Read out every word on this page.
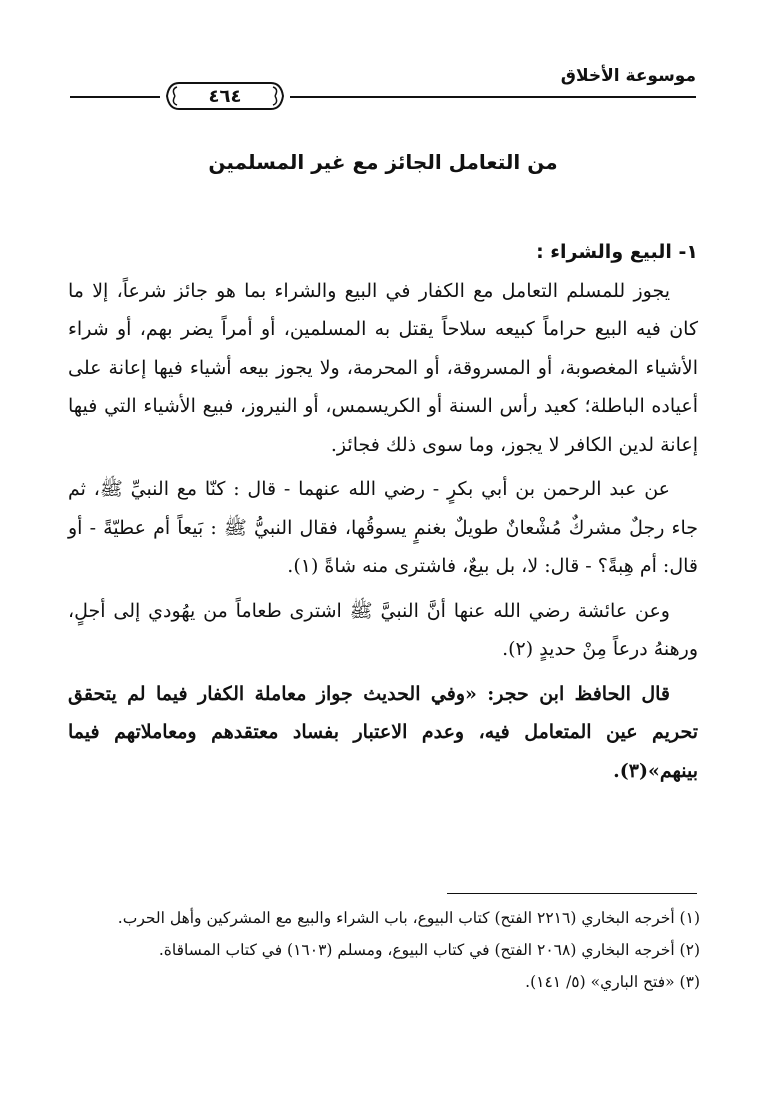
موسوعة الأخلاق
٤٦٤
من التعامل الجائز مع غير المسلمين

١- البيع والشراء :

يجوز للمسلم التعامل مع الكفار في البيع والشراء بما هو جائز شرعاً، إلا ما كان فيه البيع حراماً كبيعه سلاحاً يقتل به المسلمين، أو أمراً يضر بهم، أو شراء الأشياء المغصوبة، أو المسروقة، أو المحرمة، ولا يجوز بيعه أشياء فيها إعانة على أعياده الباطلة؛ كعيد رأس السنة أو الكريسمس، أو النيروز، فبيع الأشياء التي فيها إعانة لدين الكافر لا يجوز، وما سوى ذلك فجائز.

عن عبد الرحمن بن أبي بكرٍ - رضي الله عنهما - قال : كنّا مع النبيِّ ﷺ، ثم جاء رجلٌ مشركٌ مُشْعانٌ طويلٌ بغنمٍ يسوقُها، فقال النبيُّ ﷺ : بَيعاً أم عطيّةً - أو قال: أم هِبةً؟ - قال: لا، بل بيعٌ، فاشترى منه شاةً (١).

وعن عائشة رضي الله عنها أنَّ النبيَّ ﷺ اشترى طعاماً من يهُودي إلى أجلٍ، ورهنهُ درعاً مِنْ حديدٍ (٢).

قال الحافظ ابن حجر: «وفي الحديث جواز معاملة الكفار فيما لم يتحقق تحريم عين المتعامل فيه، وعدم الاعتبار بفساد معتقدهم ومعاملاتهم فيما بينهم»(٣).

(١) أخرجه البخاري (٢٢١٦ الفتح) كتاب البيوع، باب الشراء والبيع مع المشركين وأهل الحرب.

(٢) أخرجه البخاري (٢٠٦٨ الفتح) في كتاب البيوع، ومسلم (١٦٠٣) في كتاب المساقاة.

(٣) «فتح الباري» (٥/ ١٤١).
